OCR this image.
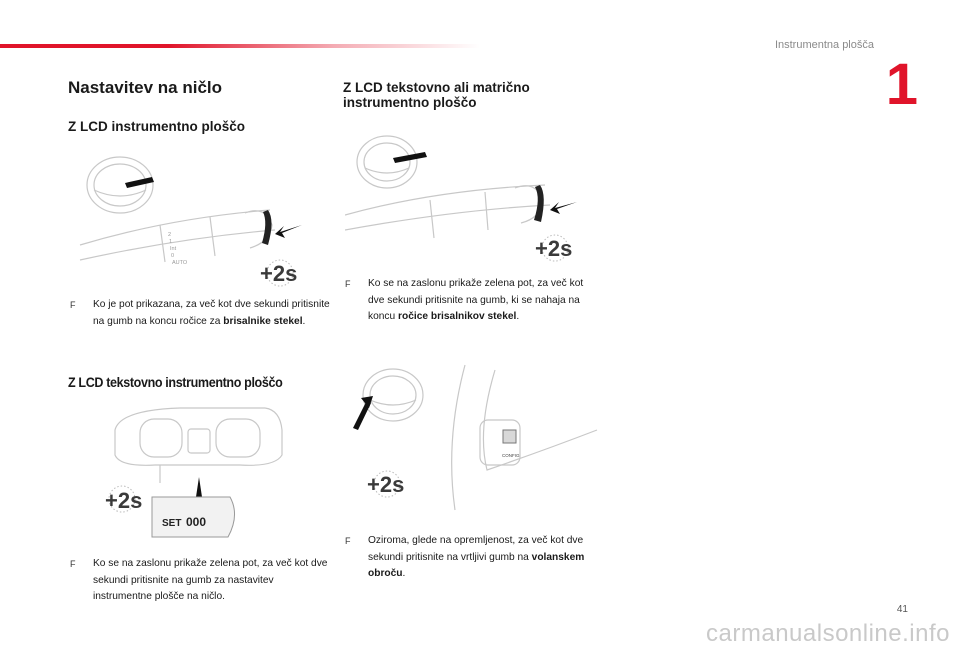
Instrumentna plošča
1
Nastavitev na ničlo
Z LCD instrumentno ploščo
Z LCD tekstovno ali matrično instrumentno ploščo
Z LCD tekstovno instrumentno ploščo
2
1
Int
0
AUTO	+2s
+2s
SET 000
+2s
CONFIG
+2s
F	Ko je pot prikazana, za več kot dve sekundi pritisnite na gumb na koncu ročice za brisalnike stekel.
F	Ko se na zaslonu prikaže zelena pot, za več kot dve sekundi pritisnite na gumb, ki se nahaja na koncu ročice brisalnikov stekel.
F	Ko se na zaslonu prikaže zelena pot, za več kot dve sekundi pritisnite na gumb za nastavitev instrumentne plošče na ničlo.
F	Oziroma, glede na opremljenost, za več kot dve sekundi pritisnite na vrtljivi gumb na volanskem obroču.
41
carmanualsonline.info
